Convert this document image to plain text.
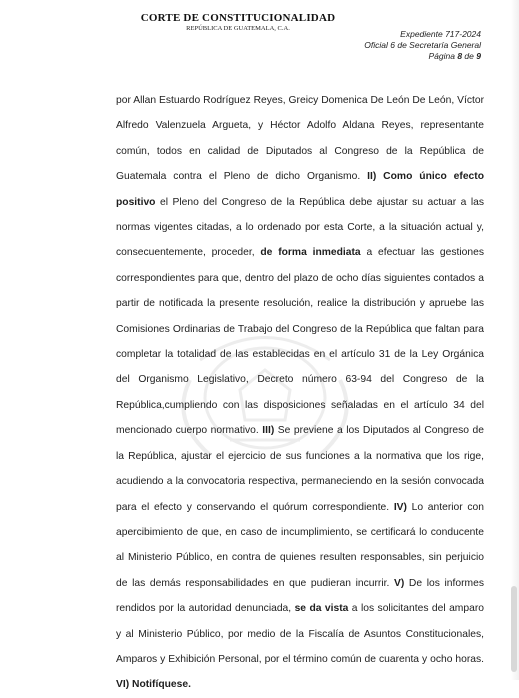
CORTE DE CONSTITUCIONALIDAD
REPÚBLICA DE GUATEMALA, C.A.
Expediente 717-2024
Oficial 6 de Secretaría General
Página 8 de 9

por Allan Estuardo Rodríguez Reyes, Greicy Domenica De León De León, Víctor Alfredo Valenzuela Argueta, y Héctor Adolfo Aldana Reyes, representante común, todos en calidad de Diputados al Congreso de la República de Guatemala contra el Pleno de dicho Organismo. II) Como único efecto positivo el Pleno del Congreso de la República debe ajustar su actuar a las normas vigentes citadas, a lo ordenado por esta Corte, a la situación actual y, consecuentemente, proceder, de forma inmediata a efectuar las gestiones correspondientes para que, dentro del plazo de ocho días siguientes contados a partir de notificada la presente resolución, realice la distribución y apruebe las Comisiones Ordinarias de Trabajo del Congreso de la República que faltan para completar la totalidad de las establecidas en el artículo 31 de la Ley Orgánica del Organismo Legislativo, Decreto número 63-94 del Congreso de la República,cumpliendo con las disposiciones señaladas en el artículo 34 del mencionado cuerpo normativo. III) Se previene a los Diputados al Congreso de la República, ajustar el ejercicio de sus funciones a la normativa que los rige, acudiendo a la convocatoria respectiva, permaneciendo en la sesión convocada para el efecto y conservando el quórum correspondiente. IV) Lo anterior con apercibimiento de que, en caso de incumplimiento, se certificará lo conducente al Ministerio Público, en contra de quienes resulten responsables, sin perjuicio de las demás responsabilidades en que pudieran incurrir. V) De los informes rendidos por la autoridad denunciada, se da vista a los solicitantes del amparo y al Ministerio Público, por medio de la Fiscalía de Asuntos Constitucionales, Amparos y Exhibición Personal, por el término común de cuarenta y ocho horas. VI) Notifíquese.
